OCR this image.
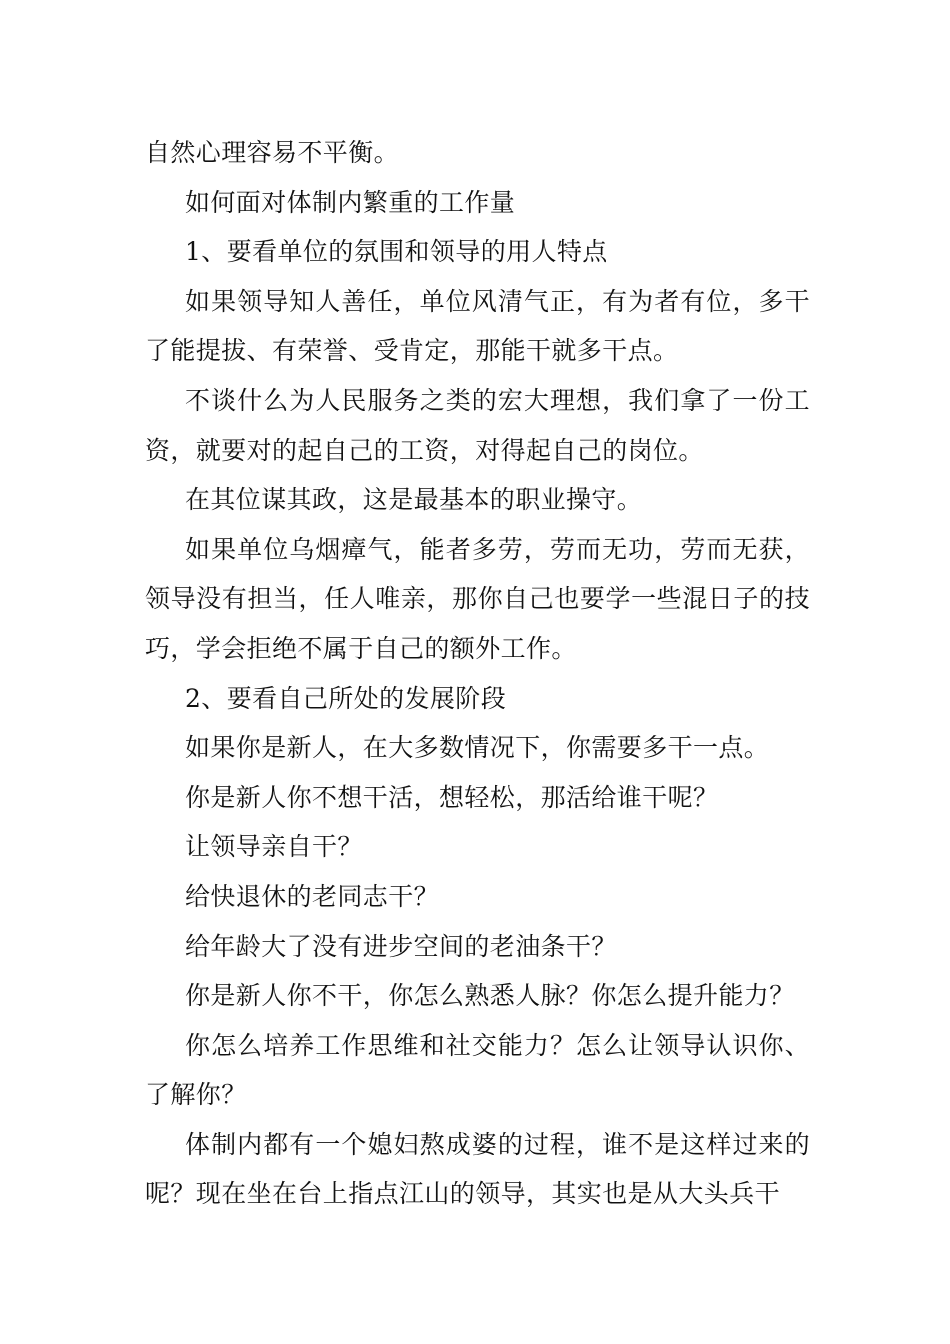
自然心理容易不平衡。

如何面对体制内繁重的工作量

1、要看单位的氛围和领导的用人特点

如果领导知人善任，单位风清气正，有为者有位，多干了能提拔、有荣誉、受肯定，那能干就多干点。

不谈什么为人民服务之类的宏大理想，我们拿了一份工资，就要对的起自己的工资，对得起自己的岗位。

在其位谋其政，这是最基本的职业操守。

如果单位乌烟瘴气，能者多劳，劳而无功，劳而无获，领导没有担当，任人唯亲，那你自己也要学一些混日子的技巧，学会拒绝不属于自己的额外工作。

2、要看自己所处的发展阶段

如果你是新人，在大多数情况下，你需要多干一点。

你是新人你不想干活，想轻松，那活给谁干呢？

让领导亲自干？

给快退休的老同志干？

给年龄大了没有进步空间的老油条干？

你是新人你不干，你怎么熟悉人脉？你怎么提升能力？

你怎么培养工作思维和社交能力？怎么让领导认识你、了解你？

体制内都有一个媳妇熬成婆的过程，谁不是这样过来的呢？现在坐在台上指点江山的领导，其实也是从大头兵干
